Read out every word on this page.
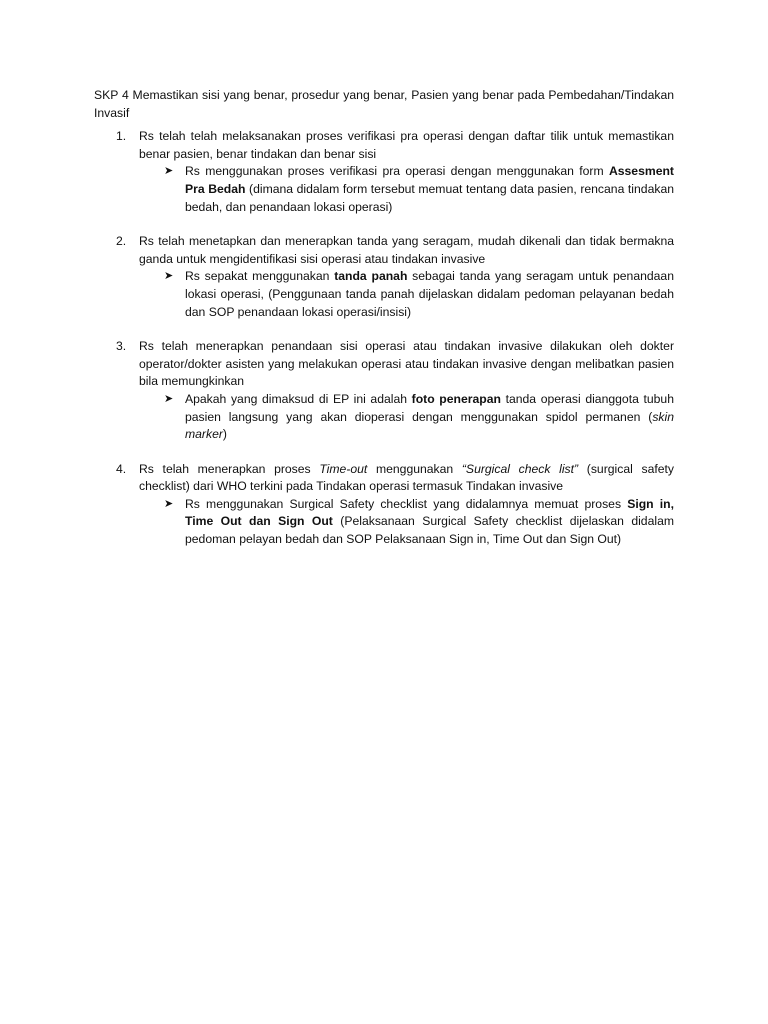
SKP 4 Memastikan sisi yang benar, prosedur yang benar, Pasien yang benar pada Pembedahan/Tindakan Invasif

1. Rs telah telah melaksanakan proses verifikasi pra operasi dengan daftar tilik untuk memastikan benar pasien, benar tindakan dan benar sisi
➤ Rs menggunakan proses verifikasi pra operasi dengan menggunakan form Assesment Pra Bedah (dimana didalam form tersebut memuat tentang data pasien, rencana tindakan bedah, dan penandaan lokasi operasi)
2. Rs telah menetapkan dan menerapkan tanda yang seragam, mudah dikenali dan tidak bermakna ganda untuk mengidentifikasi sisi operasi atau tindakan invasive
➤ Rs sepakat menggunakan tanda panah sebagai tanda yang seragam untuk penandaan lokasi operasi, (Penggunaan tanda panah dijelaskan didalam pedoman pelayanan bedah dan SOP penandaan lokasi operasi/insisi)
3. Rs telah menerapkan penandaan sisi operasi atau tindakan invasive dilakukan oleh dokter operator/dokter asisten yang melakukan operasi atau tindakan invasive dengan melibatkan pasien bila memungkinkan
➤ Apakah yang dimaksud di EP ini adalah foto penerapan tanda operasi dianggota tubuh pasien langsung yang akan dioperasi dengan menggunakan spidol permanen (skin marker)
4. Rs telah menerapkan proses Time-out menggunakan “Surgical check list” (surgical safety checklist) dari WHO terkini pada Tindakan operasi termasuk Tindakan invasive
➤ Rs menggunakan Surgical Safety checklist yang didalamnya memuat proses Sign in, Time Out dan Sign Out (Pelaksanaan Surgical Safety checklist dijelaskan didalam pedoman pelayan bedah dan SOP Pelaksanaan Sign in, Time Out dan Sign Out)
